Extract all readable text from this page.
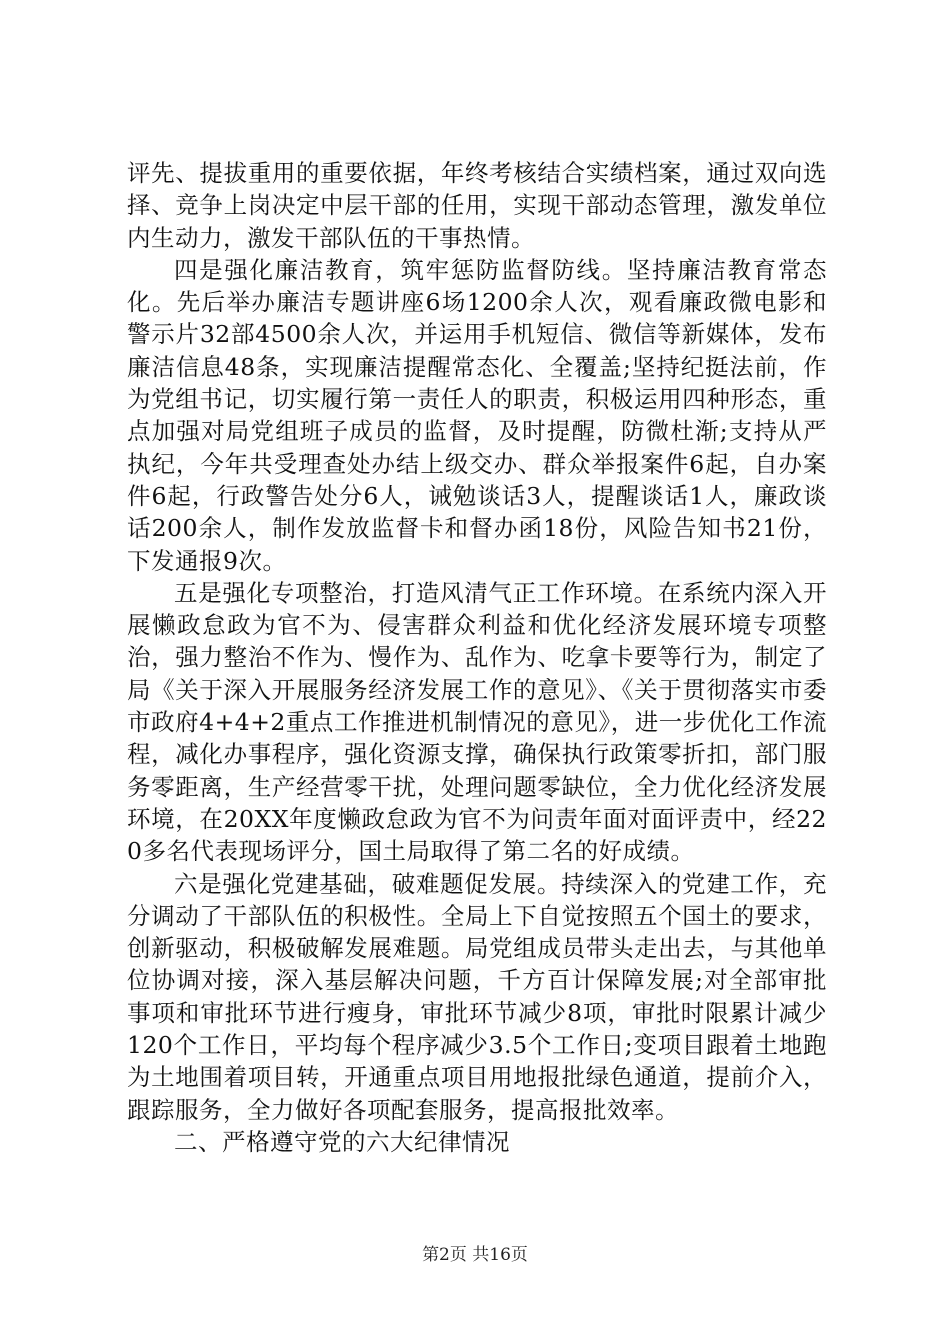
评先、提拔重用的重要依据，年终考核结合实绩档案，通过双向选择、竞争上岗决定中层干部的任用，实现干部动态管理，激发单位内生动力，激发干部队伍的干事热情。

四是强化廉洁教育，筑牢惩防监督防线。坚持廉洁教育常态化。先后举办廉洁专题讲座6场1200余人次，观看廉政微电影和警示片32部4500余人次，并运用手机短信、微信等新媒体，发布廉洁信息48条，实现廉洁提醒常态化、全覆盖;坚持纪挺法前，作为党组书记，切实履行第一责任人的职责，积极运用四种形态，重点加强对局党组班子成员的监督，及时提醒，防微杜渐;支持从严执纪，今年共受理查处办结上级交办、群众举报案件6起，自办案件6起，行政警告处分6人，诫勉谈话3人，提醒谈话1人，廉政谈话200余人，制作发放监督卡和督办函18份，风险告知书21份，下发通报9次。

五是强化专项整治，打造风清气正工作环境。在系统内深入开展懒政怠政为官不为、侵害群众利益和优化经济发展环境专项整治，强力整治不作为、慢作为、乱作为、吃拿卡要等行为，制定了局《关于深入开展服务经济发展工作的意见》、《关于贯彻落实市委市政府4+4+2重点工作推进机制情况的意见》，进一步优化工作流程，减化办事程序，强化资源支撑，确保执行政策零折扣，部门服务零距离，生产经营零干扰，处理问题零缺位，全力优化经济发展环境，在20XX年度懒政怠政为官不为问责年面对面评责中，经220多名代表现场评分，国土局取得了第二名的好成绩。

六是强化党建基础，破难题促发展。持续深入的党建工作，充分调动了干部队伍的积极性。全局上下自觉按照五个国土的要求，创新驱动，积极破解发展难题。局党组成员带头走出去，与其他单位协调对接，深入基层解决问题，千方百计保障发展;对全部审批事项和审批环节进行瘦身，审批环节减少8项，审批时限累计减少120个工作日，平均每个程序减少3.5个工作日;变项目跟着土地跑为土地围着项目转，开通重点项目用地报批绿色通道，提前介入，跟踪服务，全力做好各项配套服务，提高报批效率。

二、严格遵守党的六大纪律情况

第2页 共16页
